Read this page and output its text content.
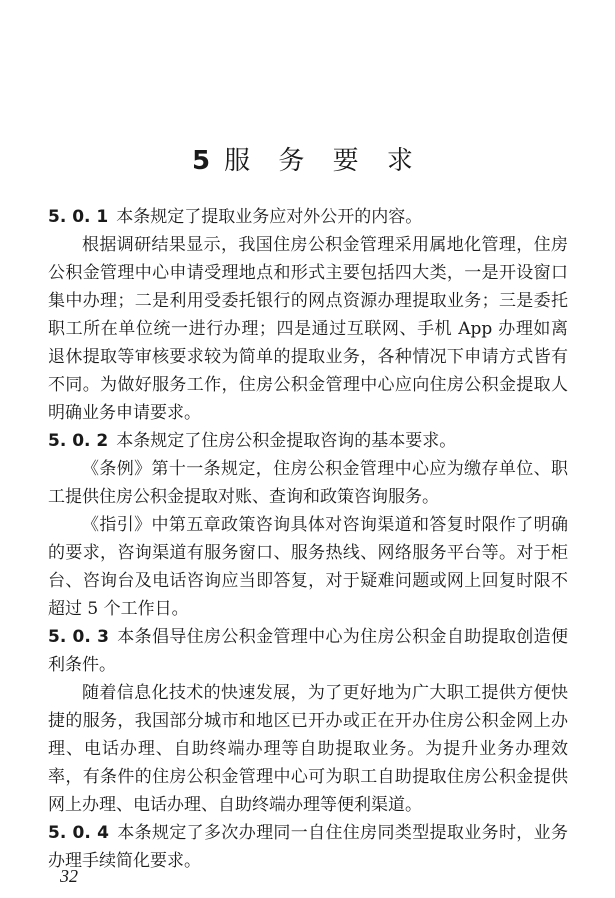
5 服 务 要 求

5. 0. 1 本条规定了提取业务应对外公开的内容。

根据调研结果显示，我国住房公积金管理采用属地化管理，住房公积金管理中心申请受理地点和形式主要包括四大类，一是开设窗口集中办理；二是利用受委托银行的网点资源办理提取业务；三是委托职工所在单位统一进行办理；四是通过互联网、手机 App 办理如离退休提取等审核要求较为简单的提取业务，各种情况下申请方式皆有不同。为做好服务工作，住房公积金管理中心应向住房公积金提取人明确业务申请要求。

5. 0. 2 本条规定了住房公积金提取咨询的基本要求。

《条例》第十一条规定，住房公积金管理中心应为缴存单位、职工提供住房公积金提取对账、查询和政策咨询服务。

《指引》中第五章政策咨询具体对咨询渠道和答复时限作了明确的要求，咨询渠道有服务窗口、服务热线、网络服务平台等。对于柜台、咨询台及电话咨询应当即答复，对于疑难问题或网上回复时限不超过 5 个工作日。

5. 0. 3 本条倡导住房公积金管理中心为住房公积金自助提取创造便利条件。

随着信息化技术的快速发展，为了更好地为广大职工提供方便快捷的服务，我国部分城市和地区已开办或正在开办住房公积金网上办理、电话办理、自助终端办理等自助提取业务。为提升业务办理效率，有条件的住房公积金管理中心可为职工自助提取住房公积金提供网上办理、电话办理、自助终端办理等便利渠道。

5. 0. 4 本条规定了多次办理同一自住住房同类型提取业务时，业务办理手续简化要求。

32
